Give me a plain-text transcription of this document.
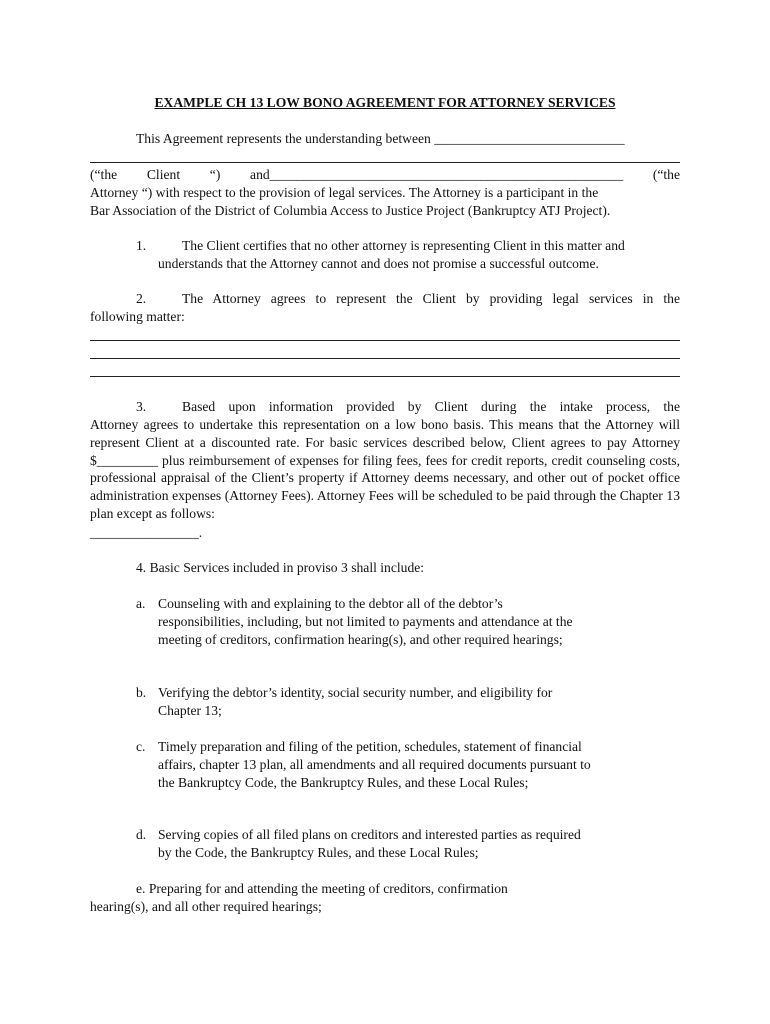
EXAMPLE CH 13 LOW BONO AGREEMENT FOR ATTORNEY SERVICES

This Agreement represents the understanding between ____________________________

(“the Client “) and____________________________________________________ (“the

Attorney “) with respect to the provision of legal services. The Attorney is a participant in the

Bar Association of the District of Columbia Access to Justice Project (Bankruptcy ATJ Project).

1.	The Client certifies that no other attorney is representing Client in this matter and

understands that the Attorney cannot and does not promise a successful outcome.

2.	The Attorney agrees to represent the Client by providing legal services in the

following matter:

3.	Based upon information provided by Client during the intake process, the

Attorney agrees to undertake this representation on a low bono basis. This means that the Attorney will represent Client at a discounted rate. For basic services described below, Client agrees to pay Attorney $_________ plus reimbursement of expenses for filing fees, fees for credit reports, credit counseling costs, professional appraisal of the Client’s property if Attorney deems necessary, and other out of pocket office administration expenses (Attorney Fees). Attorney Fees will be scheduled to be paid through the Chapter 13 plan except as follows:

________________.

4. Basic Services included in proviso 3 shall include:

a. Counseling with and explaining to the debtor all of the debtor’s responsibilities, including, but not limited to payments and attendance at the meeting of creditors, confirmation hearing(s), and other required hearings;
b. Verifying the debtor’s identity, social security number, and eligibility for Chapter 13;
c. Timely preparation and filing of the petition, schedules, statement of financial affairs, chapter 13 plan, all amendments and all required documents pursuant to the Bankruptcy Code, the Bankruptcy Rules, and these Local Rules;
d. Serving copies of all filed plans on creditors and interested parties as required by the Code, the Bankruptcy Rules, and these Local Rules;

e. Preparing for and attending the meeting of creditors, confirmation

hearing(s), and all other required hearings;
